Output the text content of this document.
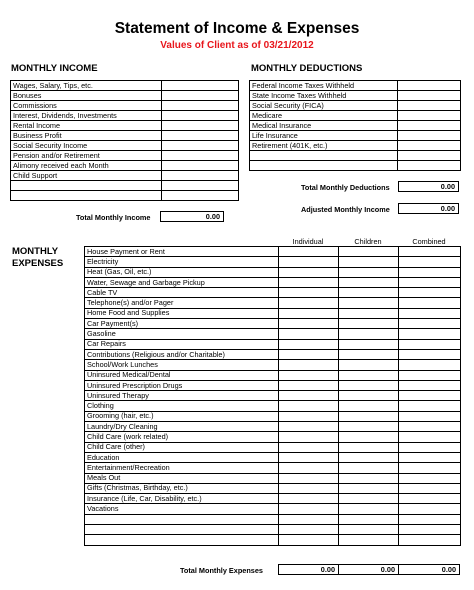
Statement of Income & Expenses
Values of Client as of 03/21/2012
MONTHLY INCOME
Wages, Salary, Tips, etc.	
Bonuses	
Commissions	
Interest, Dividends, Investments	
Rental Income	
Business Profit	
Social Security Income	
Pension and/or Retirement	
Alimony received each Month	
Child Support	

Total Monthly Income	0.00
MONTHLY DEDUCTIONS
Federal Income Taxes Withheld	
State Income Taxes Withheld	
Social Security (FICA)	
Medicare	
Medical Insurance	
Life Insurance	
Retirement (401K, etc.)	

Total Monthly Deductions	0.00
Adjusted Monthly Income	0.00
MONTHLY
EXPENSES
Individual	Children	Combined
House Payment or Rent			
Electricity			
Heat (Gas, Oil, etc.)			
Water, Sewage and Garbage Pickup			
Cable TV			
Telephone(s) and/or Pager			
Home Food and Supplies			
Car Payment(s)			
Gasoline			
Car Repairs			
Contributions (Religious and/or Charitable)			
School/Work Lunches			
Uninsured Medical/Dental			
Uninsured Prescription Drugs			
Uninsured Therapy			
Clothing			
Grooming (hair, etc.)			
Laundry/Dry Cleaning			
Child Care (work related)			
Child Care (other)			
Education			
Entertainment/Recreation			
Meals Out			
Gifts (Christmas, Birthday, etc.)			
Insurance (Life, Car, Disability, etc.)			
Vacations			

Total Monthly Expenses	0.00	0.00	0.00
